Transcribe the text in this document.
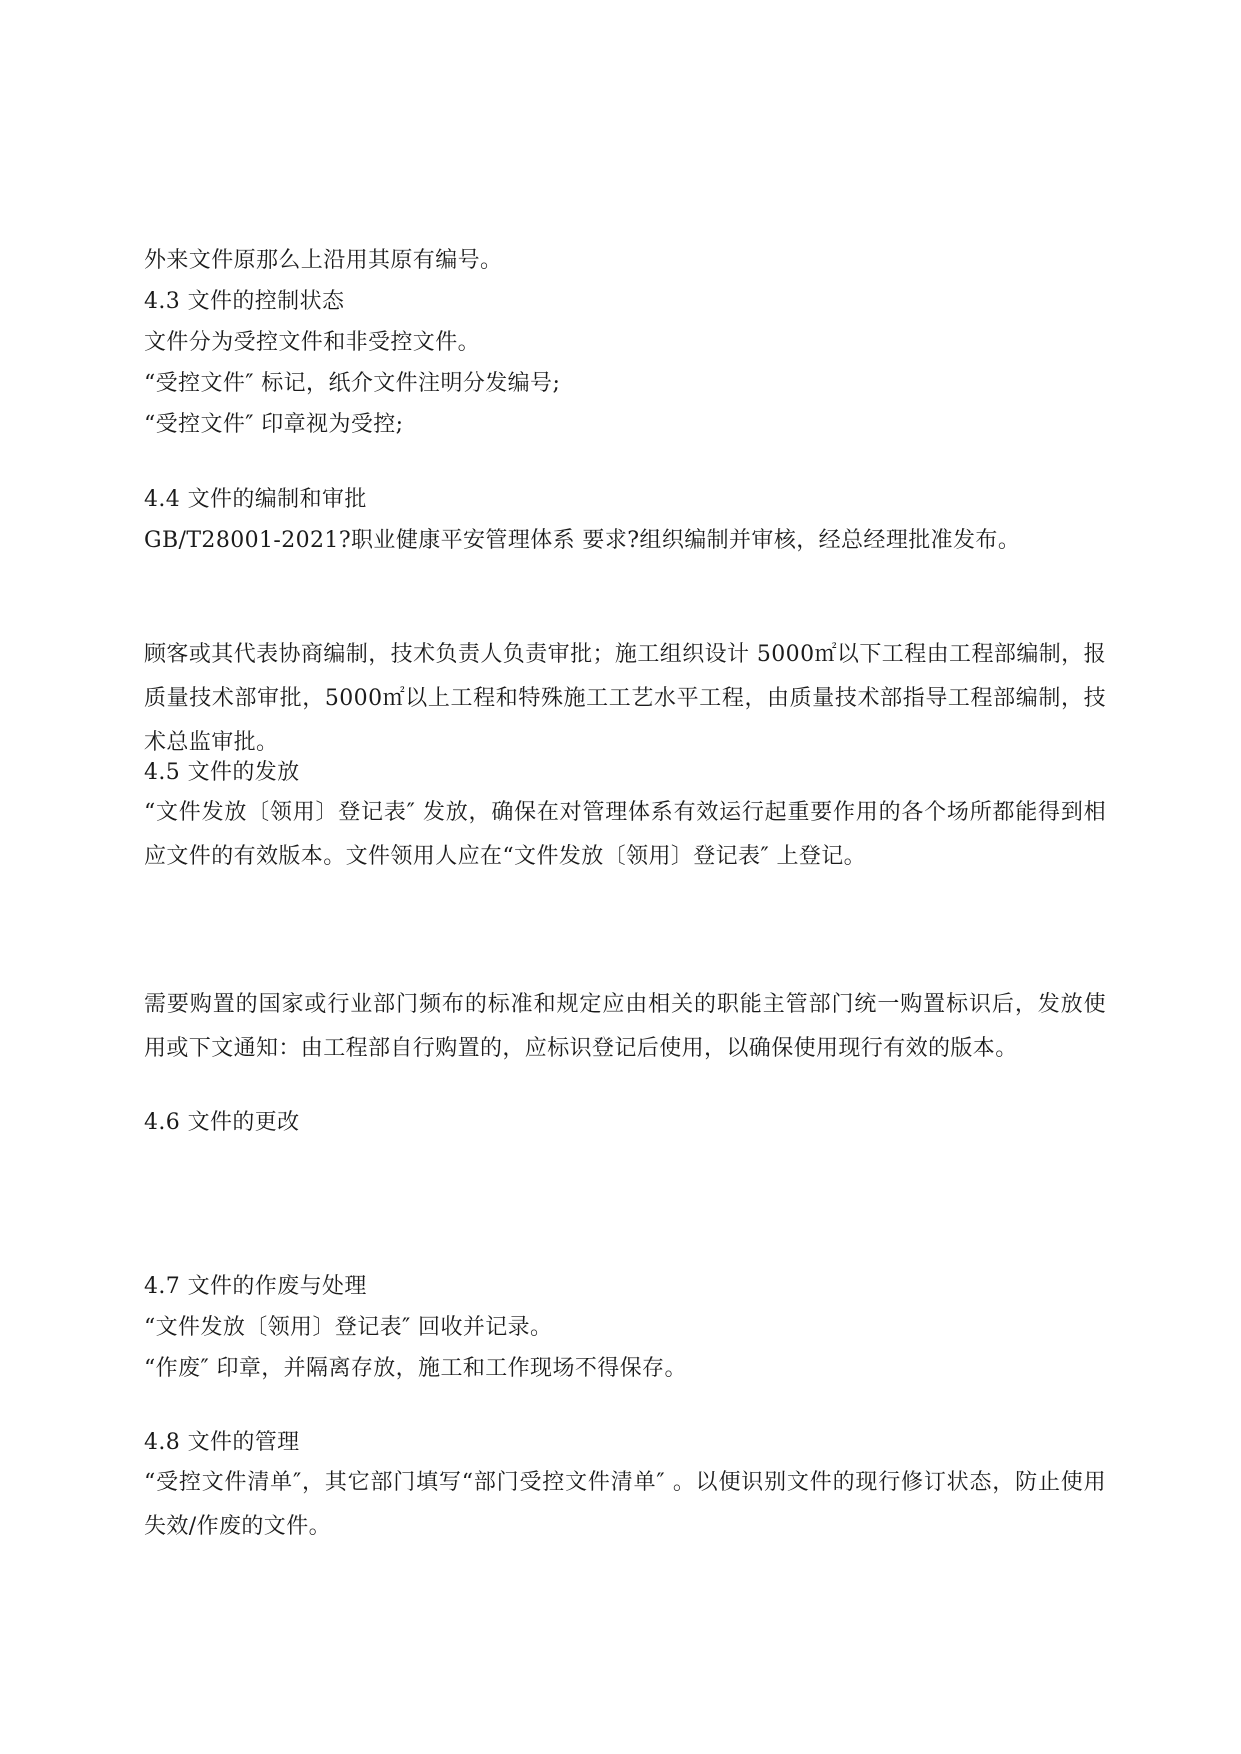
外来文件原那么上沿用其原有编号。
4.3 文件的控制状态
文件分为受控文件和非受控文件。
“受控文件″ 标记，纸介文件注明分发编号;
“受控文件″ 印章视为受控;
4.4 文件的编制和审批
GB/T28001-2021?职业健康平安管理体系 要求?组织编制并审核，经总经理批准发布。
顾客或其代表协商编制，技术负责人负责审批；施工组织设计 5000㎡以下工程由工程部编制，报质量技术部审批，5000㎡以上工程和特殊施工工艺水平工程，由质量技术部指导工程部编制，技术总监审批。
4.5 文件的发放
“文件发放〔领用〕登记表″ 发放，确保在对管理体系有效运行起重要作用的各个场所都能得到相应文件的有效版本。文件领用人应在“文件发放〔领用〕登记表″ 上登记。
需要购置的国家或行业部门频布的标准和规定应由相关的职能主管部门统一购置标识后，发放使用或下文通知：由工程部自行购置的，应标识登记后使用，以确保使用现行有效的版本。
4.6 文件的更改
4.7 文件的作废与处理
“文件发放〔领用〕登记表″ 回收并记录。
“作废″ 印章，并隔离存放，施工和工作现场不得保存。
4.8 文件的管理
“受控文件清单″，其它部门填写“部门受控文件清单″ 。以便识别文件的现行修订状态，防止使用失效/作废的文件。
